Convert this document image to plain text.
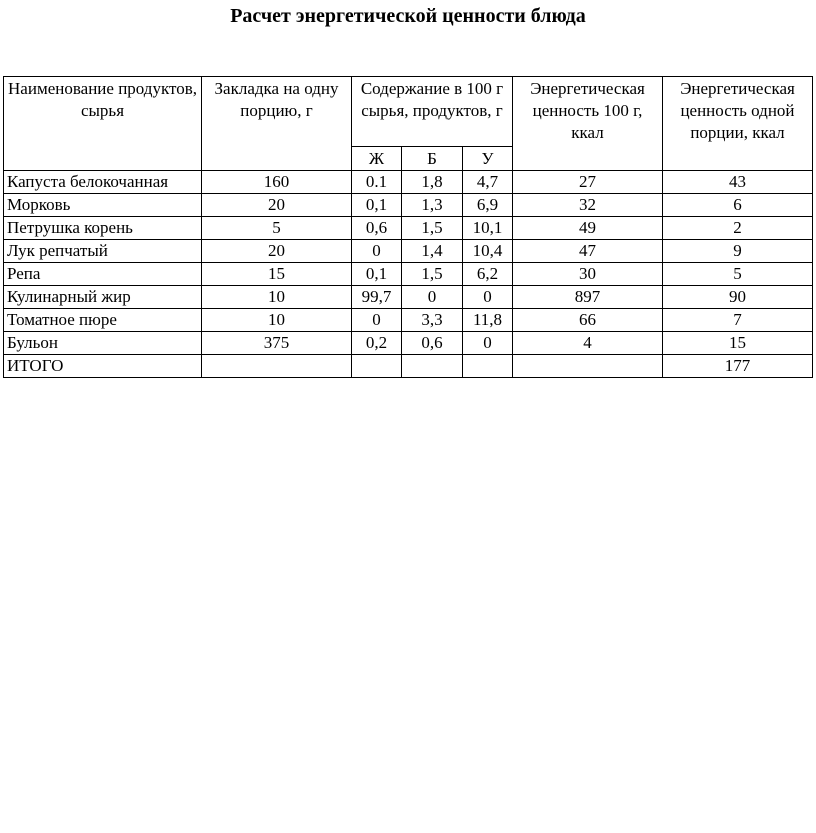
Расчет энергетической ценности блюда
Наименование продуктов, сырья	Закладка на одну порцию, г	Содержание в 100 г сырья, продуктов, г			Энергетическая ценность 100 г, ккал	Энергетическая ценность одной порции, ккал
		Ж	Б	У		
Капуста белокочанная	160	0.1	1,8	4,7	27	43
Морковь	20	0,1	1,3	6,9	32	6
Петрушка корень	5	0,6	1,5	10,1	49	2
Лук репчатый	20	0	1,4	10,4	47	9
Репа	15	0,1	1,5	6,2	30	5
Кулинарный жир	10	99,7	0	0	897	90
Томатное пюре	10	0	3,3	11,8	66	7
Бульон	375	0,2	0,6	0	4	15
ИТОГО						177
